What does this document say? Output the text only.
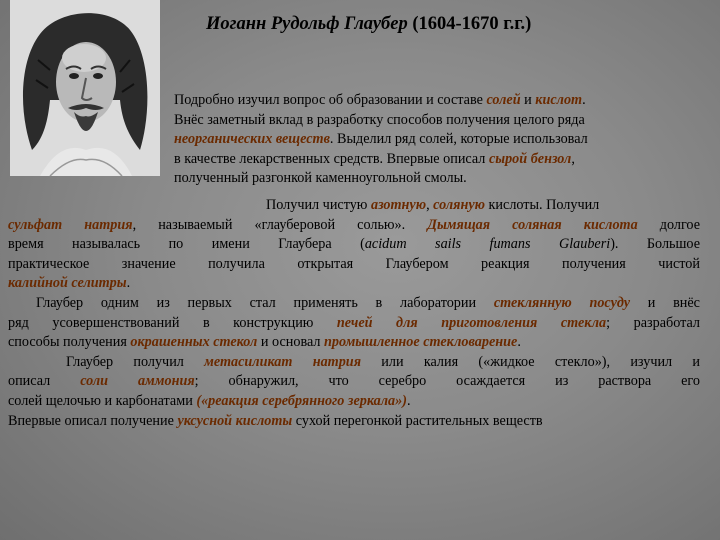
Иоганн Рудольф Глаубер (1604-1670 г.г.)
Подробно изучил вопрос об образовании и составе солей и кислот.
Внёс заметный вклад в разработку способов получения целого ряда
неорганических веществ. Выделил ряд солей, которые использовал
в качестве лекарственных средств. Впервые описал сырой бензол,
полученный разгонкой каменноугольной смолы.
Получил чистую азотную, соляную кислоты. Получил
сульфат натрия, называемый «глауберовой солью». Дымящая соляная кислота долгое
время называлась по имени Глаубера (acidum sails fumans Glauberi). Большое
практическое значение получила открытая Глаубером реакция получения чистой
калийной селитры.
Глаубер одним из первых стал применять в лаборатории стеклянную посуду и внёс
ряд усовершенствований в конструкцию печей для приготовления стекла; разработал
способы получения окрашенных стекол и основал промышленное стекловарение.
Глаубер получил метасиликат натрия или калия («жидкое стекло»), изучил и
описал соли аммония; обнаружил, что серебро осаждается из раствора его
солей щелочью и карбонатами («реакция серебрянного зеркала»).
Впервые описал получение уксусной кислоты сухой перегонкой растительных веществ
